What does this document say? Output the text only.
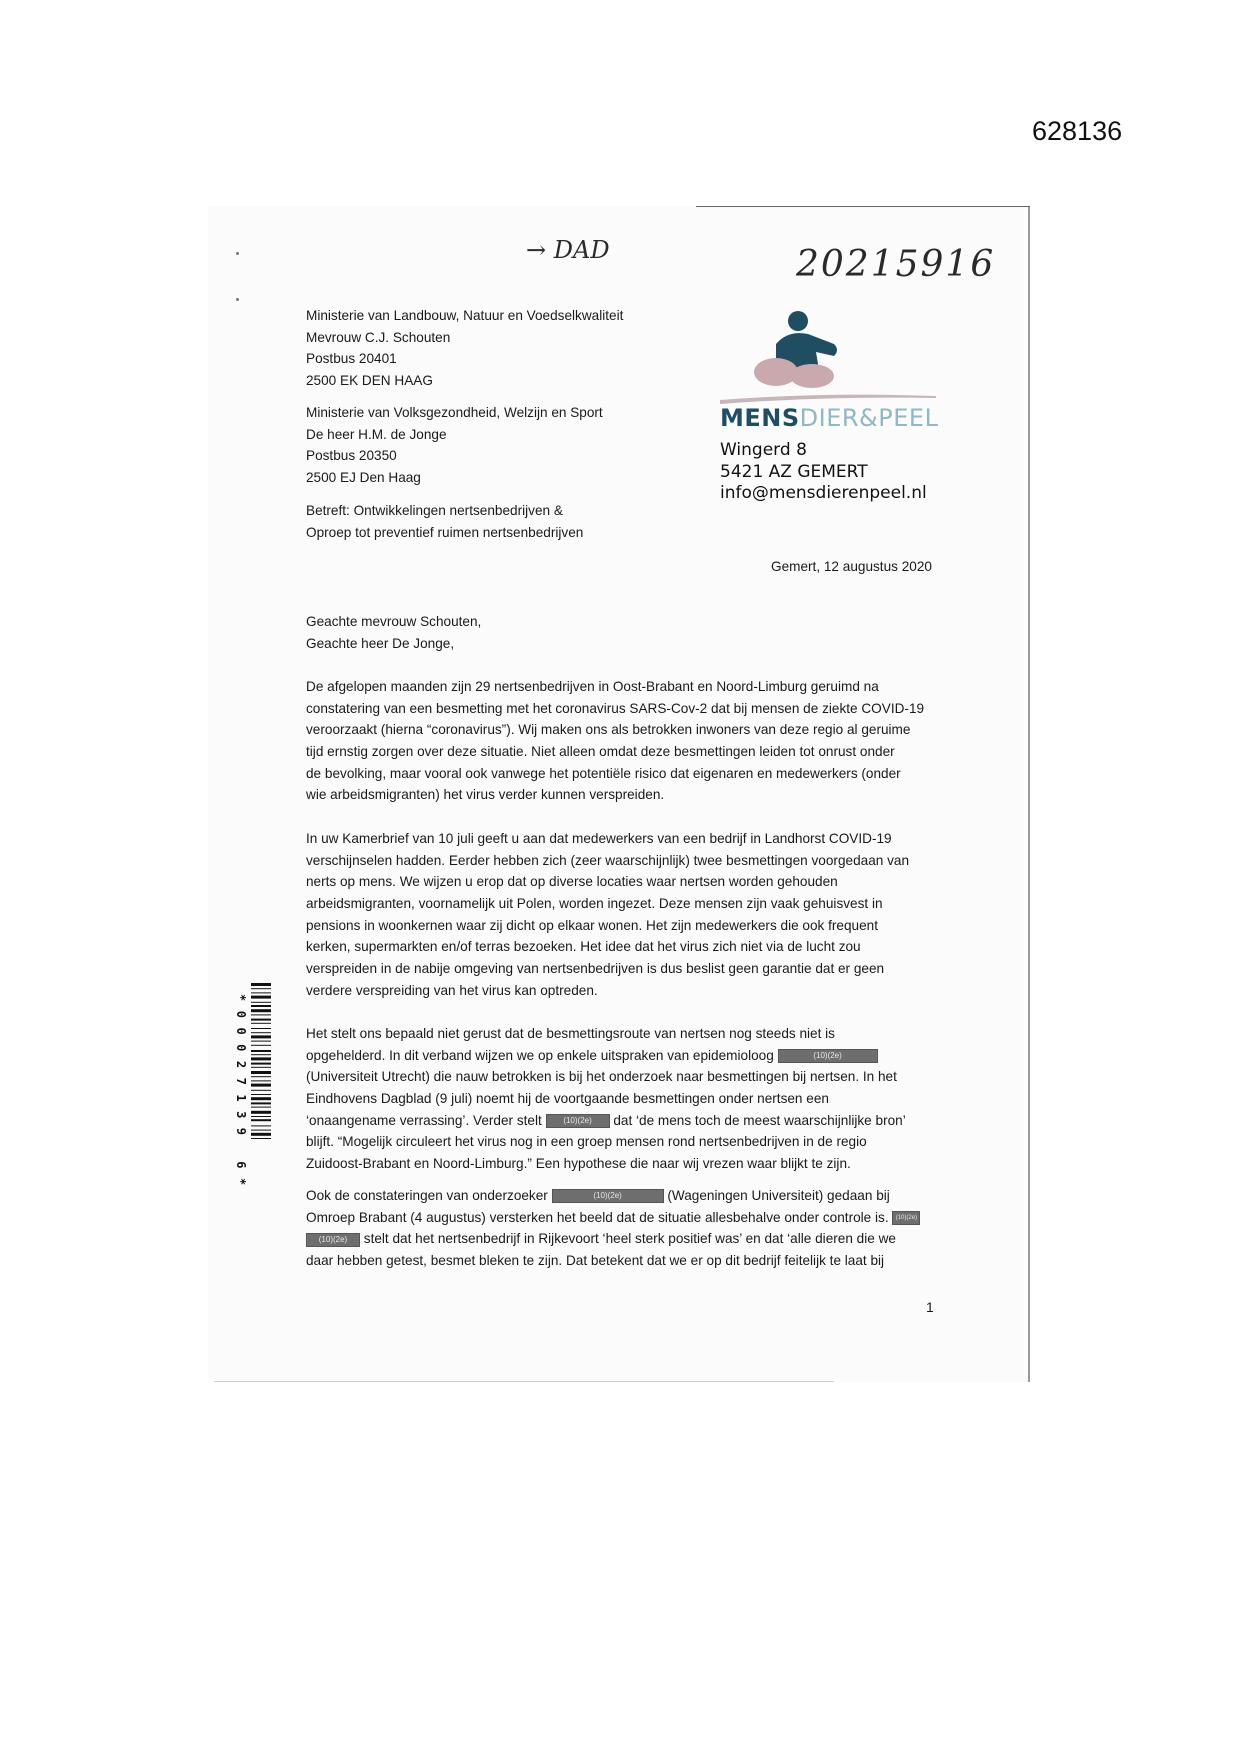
628136
→ DAD	20215916
Ministerie van Landbouw, Natuur en Voedselkwaliteit
Mevrouw C.J. Schouten
Postbus 20401
2500 EK DEN HAAG
Ministerie van Volksgezondheid, Welzijn en Sport
De heer H.M. de Jonge
Postbus 20350
2500 EJ Den Haag
Betreft: Ontwikkelingen nertsenbedrijven &
Oproep tot preventief ruimen nertsenbedrijven
MENSDIER&PEEL
Wingerd 8
5421 AZ GEMERT
info@mensdierenpeel.nl
Gemert, 12 augustus 2020
Geachte mevrouw Schouten,
Geachte heer De Jonge,
De afgelopen maanden zijn 29 nertsenbedrijven in Oost-Brabant en Noord-Limburg geruimd na
constatering van een besmetting met het coronavirus SARS-Cov-2 dat bij mensen de ziekte COVID-19
veroorzaakt (hierna “coronavirus”). Wij maken ons als betrokken inwoners van deze regio al geruime
tijd ernstig zorgen over deze situatie. Niet alleen omdat deze besmettingen leiden tot onrust onder
de bevolking, maar vooral ook vanwege het potentiële risico dat eigenaren en medewerkers (onder
wie arbeidsmigranten) het virus verder kunnen verspreiden.
In uw Kamerbrief van 10 juli geeft u aan dat medewerkers van een bedrijf in Landhorst COVID-19
verschijnselen hadden. Eerder hebben zich (zeer waarschijnlijk) twee besmettingen voorgedaan van
nerts op mens. We wijzen u erop dat op diverse locaties waar nertsen worden gehouden
arbeidsmigranten, voornamelijk uit Polen, worden ingezet. Deze mensen zijn vaak gehuisvest in
pensions in woonkernen waar zij dicht op elkaar wonen. Het zijn medewerkers die ook frequent
kerken, supermarkten en/of terras bezoeken. Het idee dat het virus zich niet via de lucht zou
verspreiden in de nabije omgeving van nertsenbedrijven is dus beslist geen garantie dat er geen
verdere verspreiding van het virus kan optreden.
Het stelt ons bepaald niet gerust dat de besmettingsroute van nertsen nog steeds niet is
opgehelderd. In dit verband wijzen we op enkele uitspraken van epidemioloog	(10)(2e)
(Universiteit Utrecht) die nauw betrokken is bij het onderzoek naar besmettingen bij nertsen. In het
Eindhovens Dagblad (9 juli) noemt hij de voortgaande besmettingen onder nertsen een
‘onaangename verrassing’. Verder stelt	(10)(2e) dat ‘de mens toch de meest waarschijnlijke bron’
blijft. “Mogelijk circuleert het virus nog in een groep mensen rond nertsenbedrijven in de regio
Zuidoost-Brabant en Noord-Limburg.” Een hypothese die naar wij vrezen waar blijkt te zijn.
Ook de constateringen van onderzoeker	(10)(2e)	(Wageningen Universiteit) gedaan bij
Omroep Brabant (4 augustus) versterken het beeld dat de situatie allesbehalve onder controle is. (10)(2e)
(10)(2e) stelt dat het nertsenbedrijf in Rijkevoort ‘heel sterk positief was’ en dat ‘alle dieren die we
daar hebben getest, besmet bleken te zijn. Dat betekent dat we er op dit bedrijf feitelijk te laat bij
1
*00027139 6*
